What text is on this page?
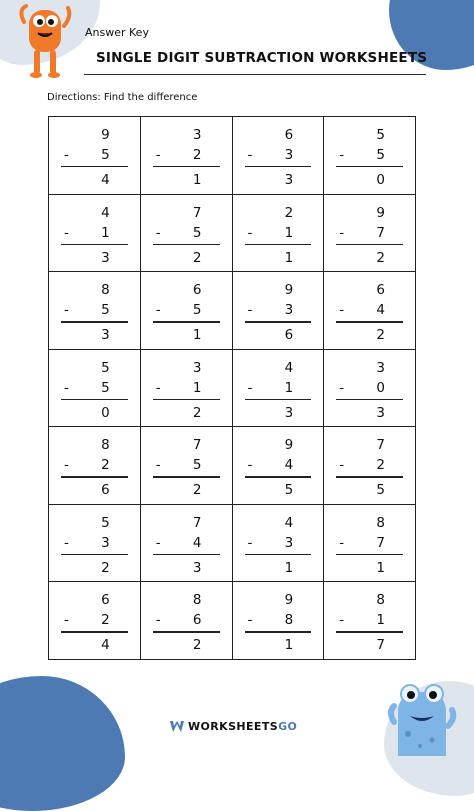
Answer Key
SINGLE DIGIT SUBTRACTION WORKSHEETS
Directions: Find the difference
9
- 5
4
3
- 2
1
6
- 3
3
5
- 5
0
4
- 1
3
7
- 5
2
2
- 1
1
9
- 7
2
8
- 5
3
6
- 5
1
9
- 3
6
6
- 4
2
5
- 5
0
3
- 1
2
4
- 1
3
3
- 0
3
8
- 2
6
7
- 5
2
9
- 4
5
7
- 2
5
5
- 3
2
7
- 4
3
4
- 3
1
8
- 7
1
6
- 2
4
8
- 6
2
9
- 8
1
8
- 1
7
WORKSHEETS GO
